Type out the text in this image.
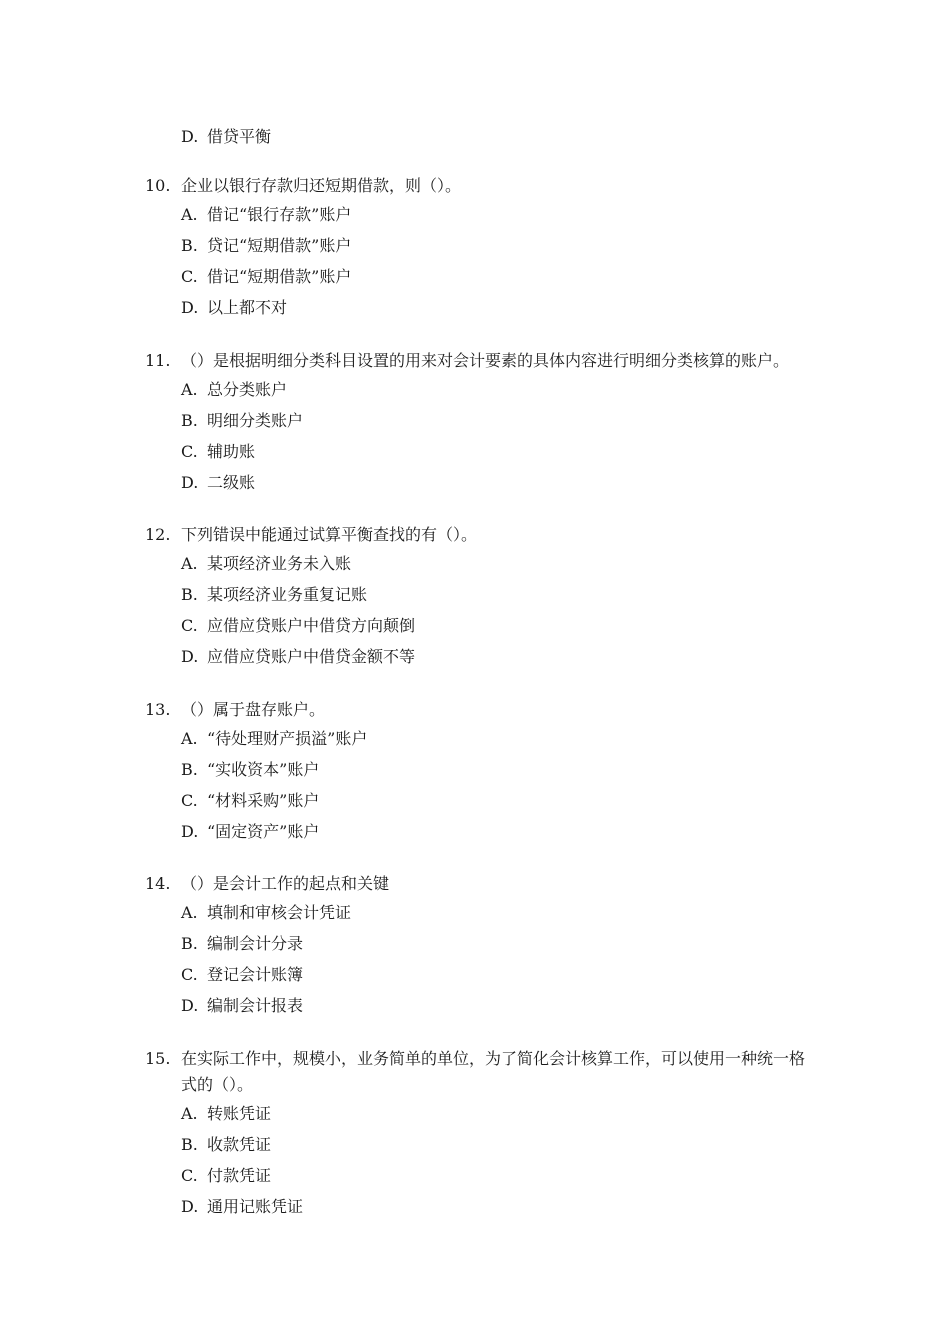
D. 借贷平衡
10. 企业以银行存款归还短期借款，则（）。
A. 借记“银行存款”账户
B. 贷记“短期借款”账户
C. 借记“短期借款”账户
D. 以上都不对
11. （）是根据明细分类科目设置的用来对会计要素的具体内容进行明细分类核算的账户。
A. 总分类账户
B. 明细分类账户
C. 辅助账
D. 二级账
12. 下列错误中能通过试算平衡查找的有（）。
A. 某项经济业务未入账
B. 某项经济业务重复记账
C. 应借应贷账户中借贷方向颠倒
D. 应借应贷账户中借贷金额不等
13. （）属于盘存账户。
A. “待处理财产损溢”账户
B. “实收资本”账户
C. “材料采购”账户
D. “固定资产”账户
14. （）是会计工作的起点和关键
A. 填制和审核会计凭证
B. 编制会计分录
C. 登记会计账簿
D. 编制会计报表
15. 在实际工作中，规模小，业务简单的单位，为了简化会计核算工作，可以使用一种统一格式的（）。
A. 转账凭证
B. 收款凭证
C. 付款凭证
D. 通用记账凭证
